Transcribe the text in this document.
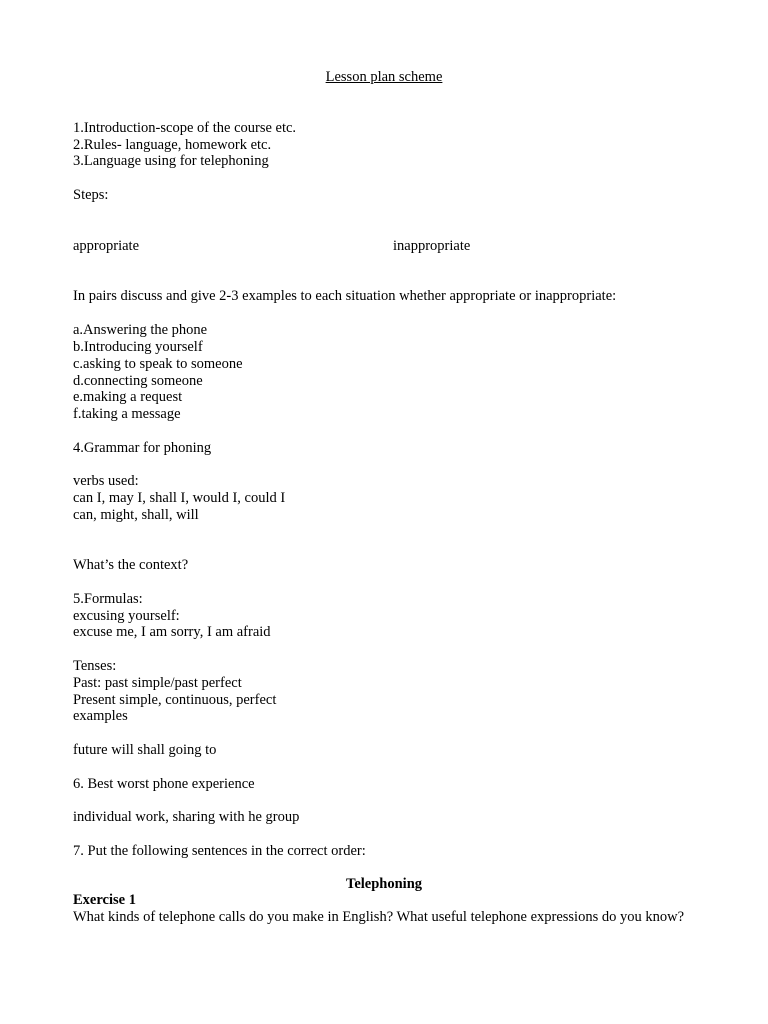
Lesson plan scheme
1.Introduction-scope of the course etc.
2.Rules- language, homework etc.
3.Language using for telephoning
Steps:
appropriate	inappropriate
In pairs discuss and give 2-3 examples to each situation whether appropriate or inappropriate:
a.Answering the phone
b.Introducing yourself
c.asking to speak to someone
d.connecting someone
e.making a request
f.taking a message
4.Grammar for phoning
verbs used:
can I, may I, shall I, would I, could I
can, might, shall, will
What’s the context?
5.Formulas:
excusing yourself:
excuse me, I am sorry, I am afraid
Tenses:
Past: past simple/past perfect
Present simple, continuous, perfect
examples
future will shall going to
6. Best worst phone experience
individual work, sharing with he group
7. Put the following sentences in the correct order:
Telephoning
Exercise 1
What kinds of telephone calls do you make in English? What useful telephone expressions do you know?
